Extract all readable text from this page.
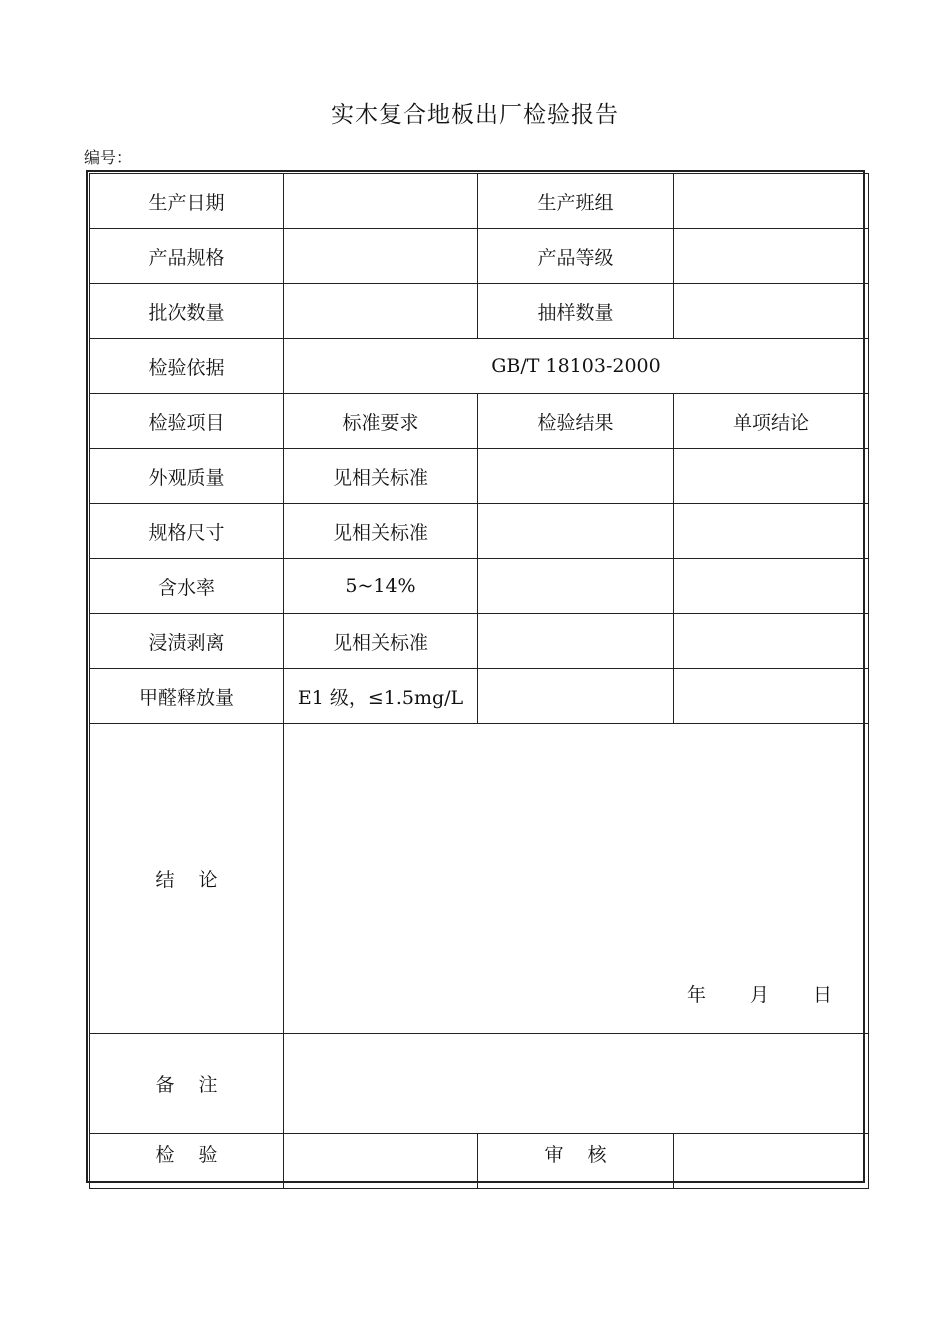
实木复合地板出厂检验报告
编号：
生产日期		生产班组	
产品规格		产品等级	
批次数量		抽样数量	
检验依据	GB/T 18103-2000		
检验项目	标准要求	检验结果	单项结论
外观质量	见相关标准		
规格尺寸	见相关标准		
含水率	5~14%		
浸渍剥离	见相关标准		
甲醛释放量	E1 级，≤1.5mg/L		
结 论	年 月 日		

备 注			
检 验		审 核	
